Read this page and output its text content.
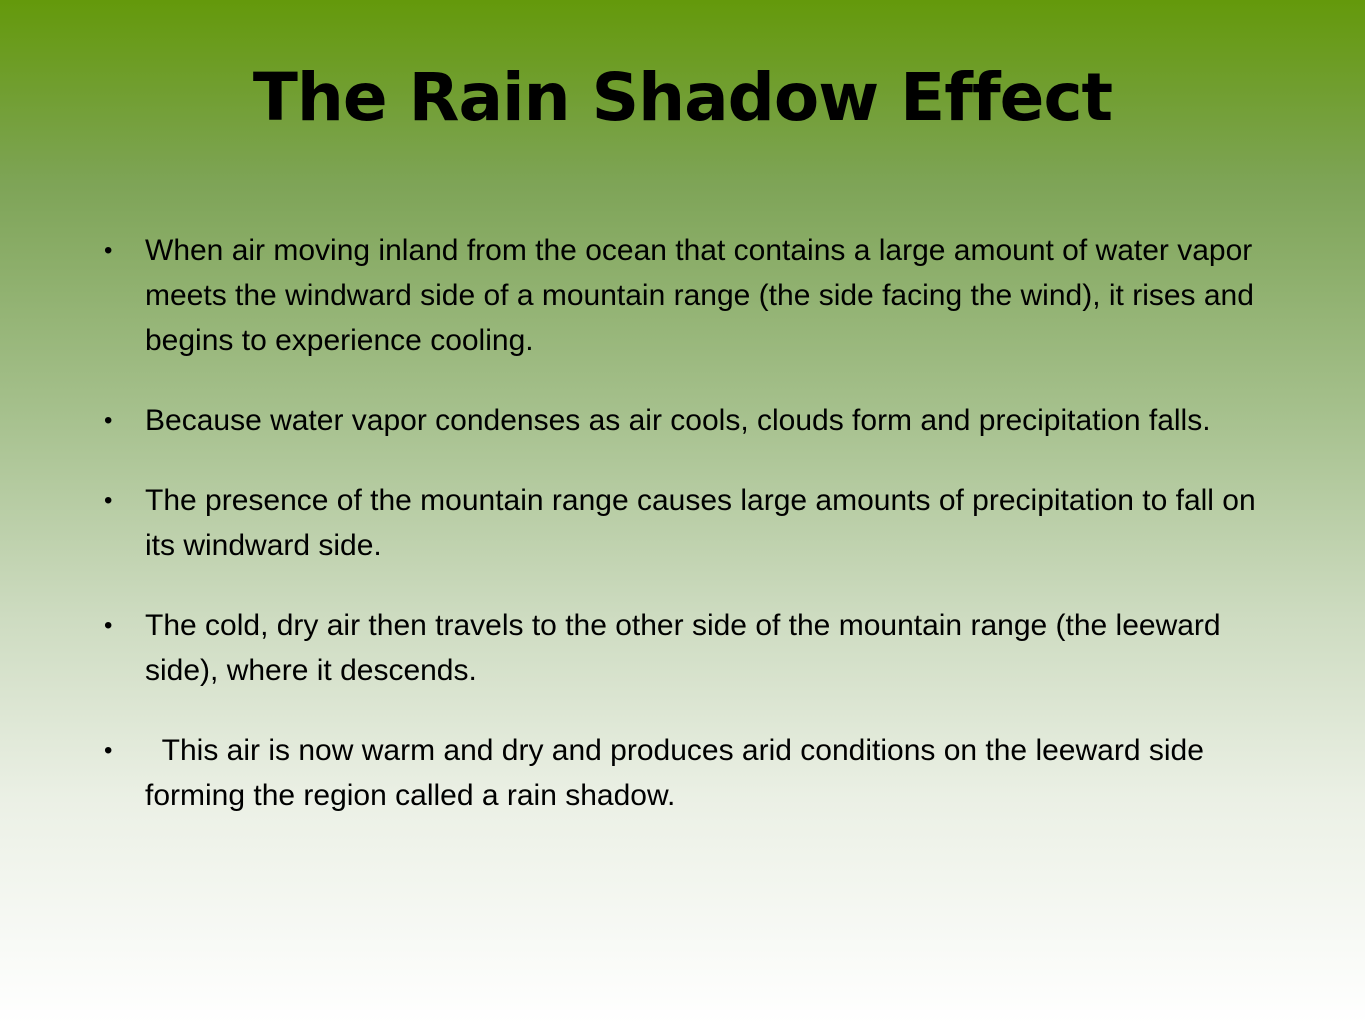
The Rain Shadow Effect
• When air moving inland from the ocean that contains a large amount of water vapor meets the windward side of a mountain range (the side facing the wind), it rises and begins to experience cooling.
• Because water vapor condenses as air cools, clouds form and precipitation falls.
• The presence of the mountain range causes large amounts of precipitation to fall on its windward side.
• The cold, dry air then travels to the other side of the mountain range (the leeward side), where it descends.
• This air is now warm and dry and produces arid conditions on the leeward side forming the region called a rain shadow.
